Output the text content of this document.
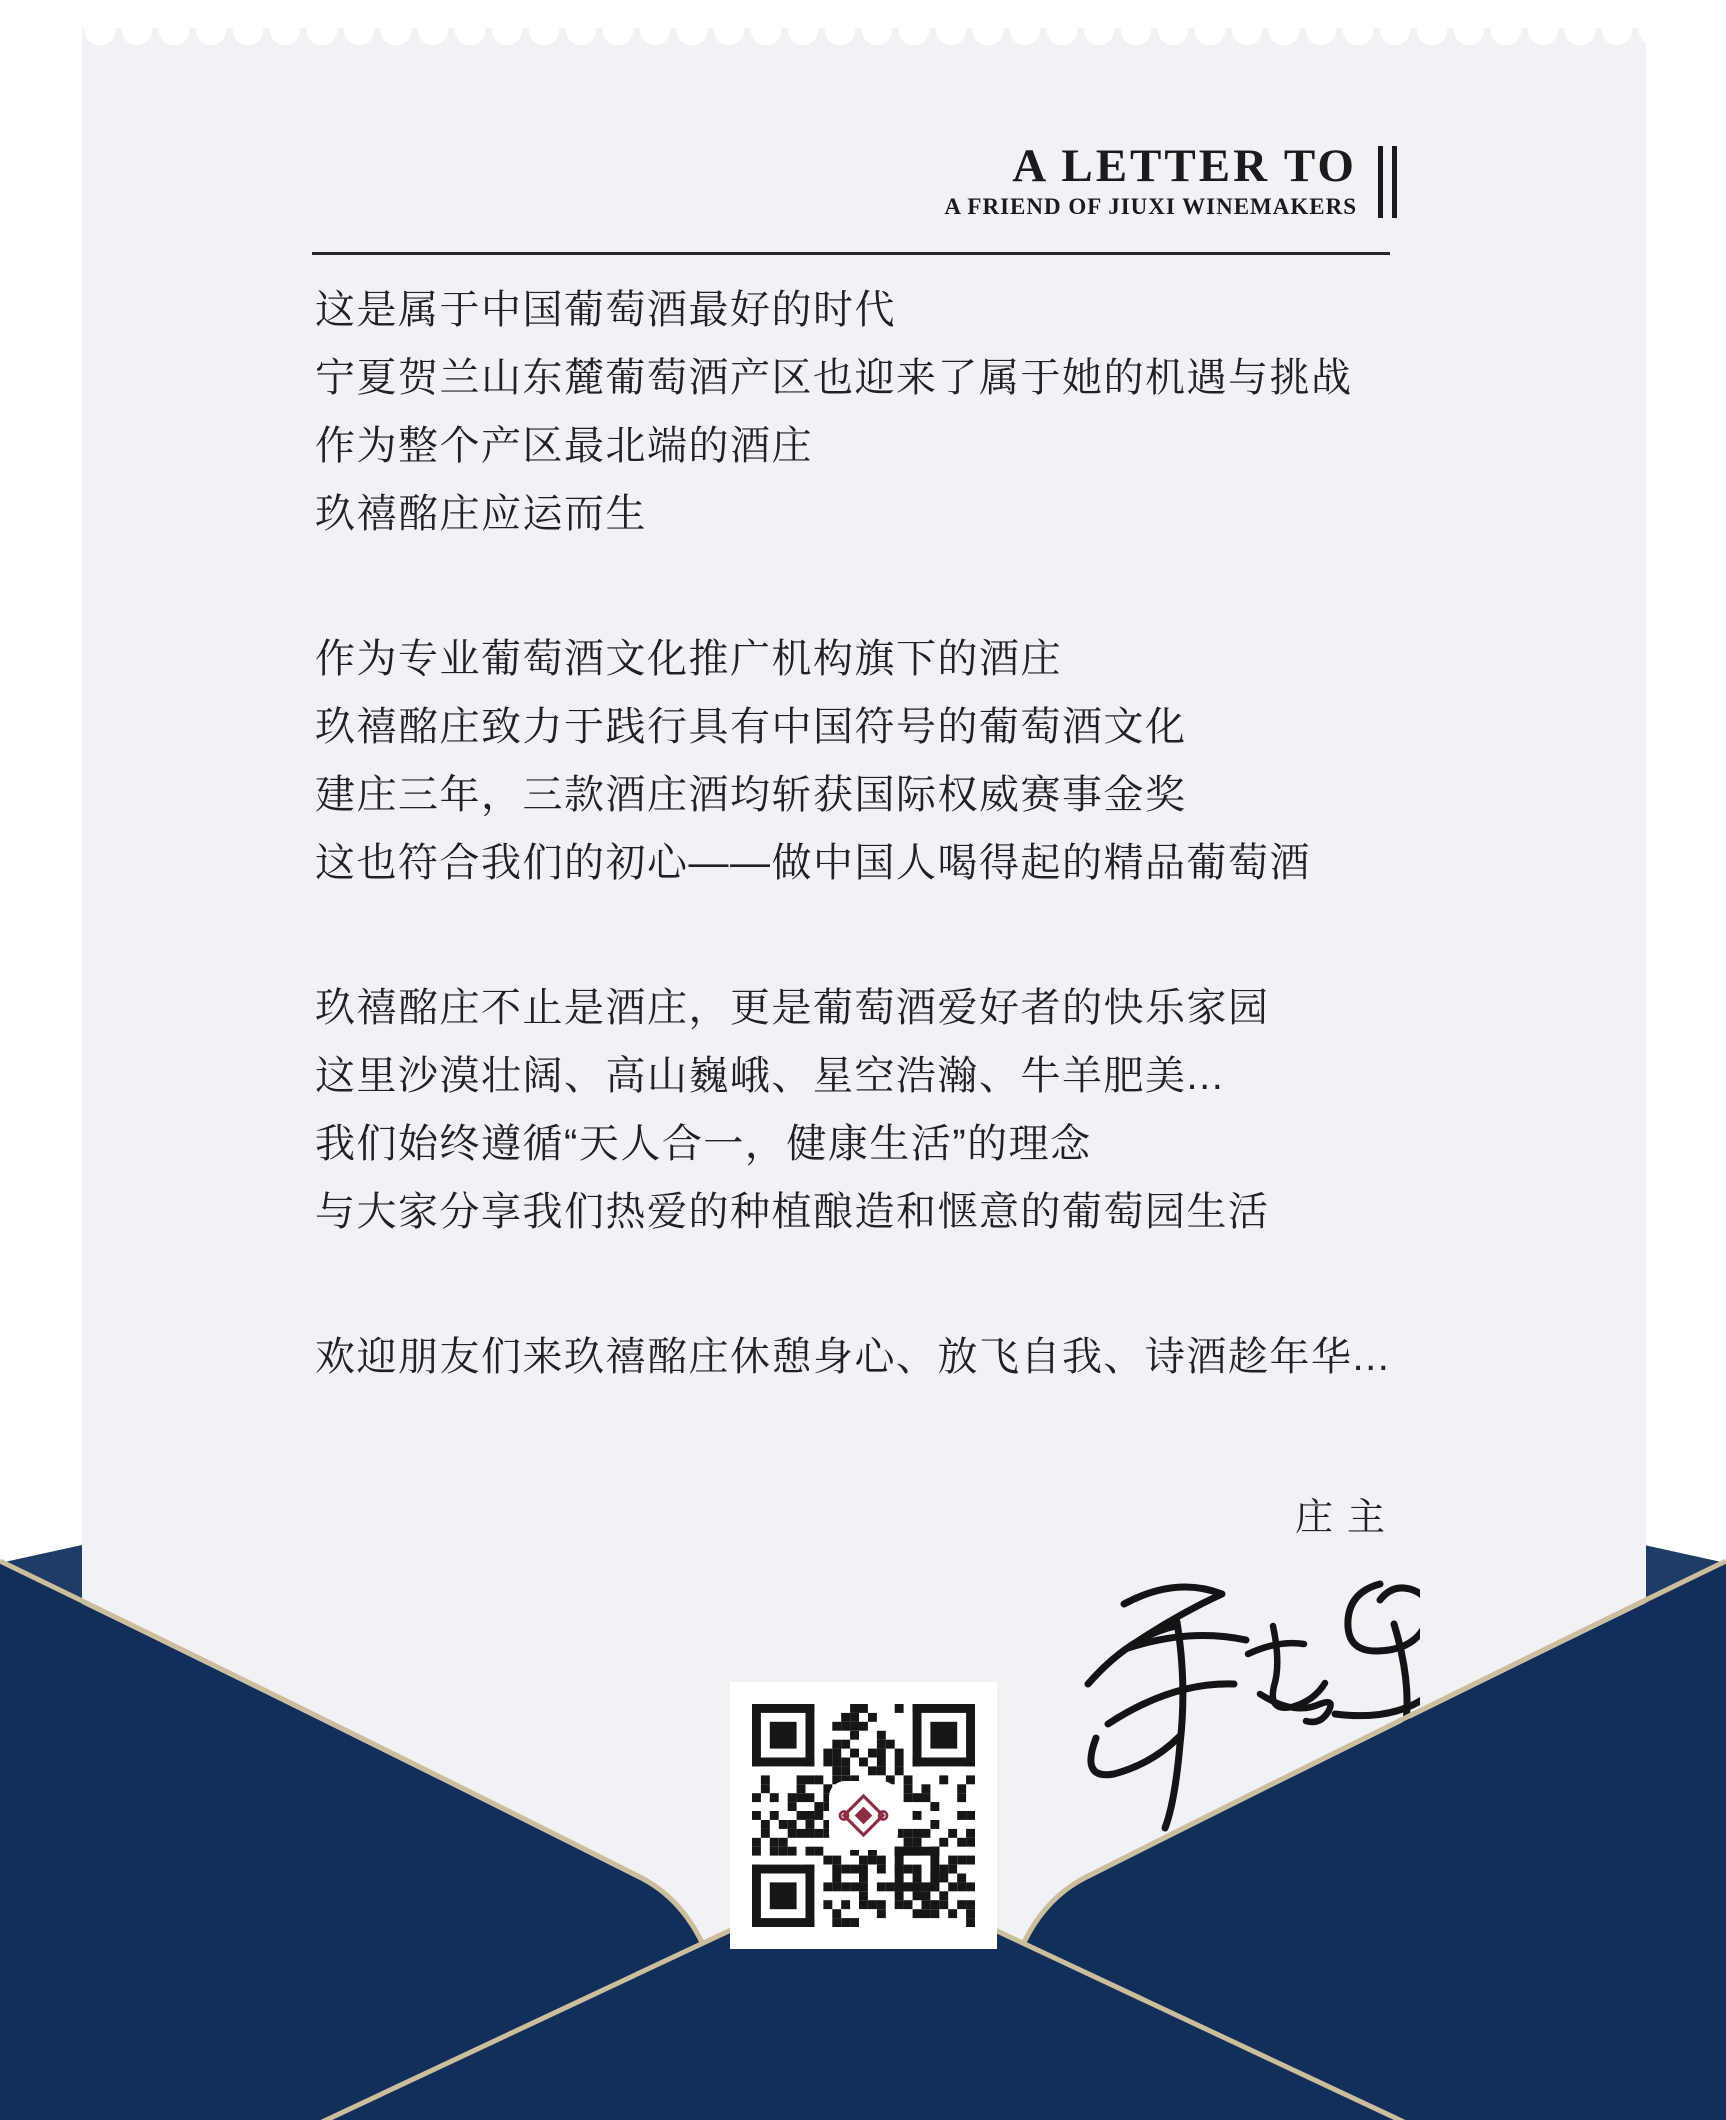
A LETTER TO
A FRIEND OF JIUXI WINEMAKERS

这是属于中国葡萄酒最好的时代
宁夏贺兰山东麓葡萄酒产区也迎来了属于她的机遇与挑战
作为整个产区最北端的酒庄
玖禧酩庄应运而生

作为专业葡萄酒文化推广机构旗下的酒庄
玖禧酩庄致力于践行具有中国符号的葡萄酒文化
建庄三年，三款酒庄酒均斩获国际权威赛事金奖
这也符合我们的初心——做中国人喝得起的精品葡萄酒

玖禧酩庄不止是酒庄，更是葡萄酒爱好者的快乐家园
这里沙漠壮阔、高山巍峨、星空浩瀚、牛羊肥美...
我们始终遵循“天人合一，健康生活”的理念
与大家分享我们热爱的种植酿造和惬意的葡萄园生活

欢迎朋友们来玖禧酩庄休憩身心、放飞自我、诗酒趁年华...

庄主
